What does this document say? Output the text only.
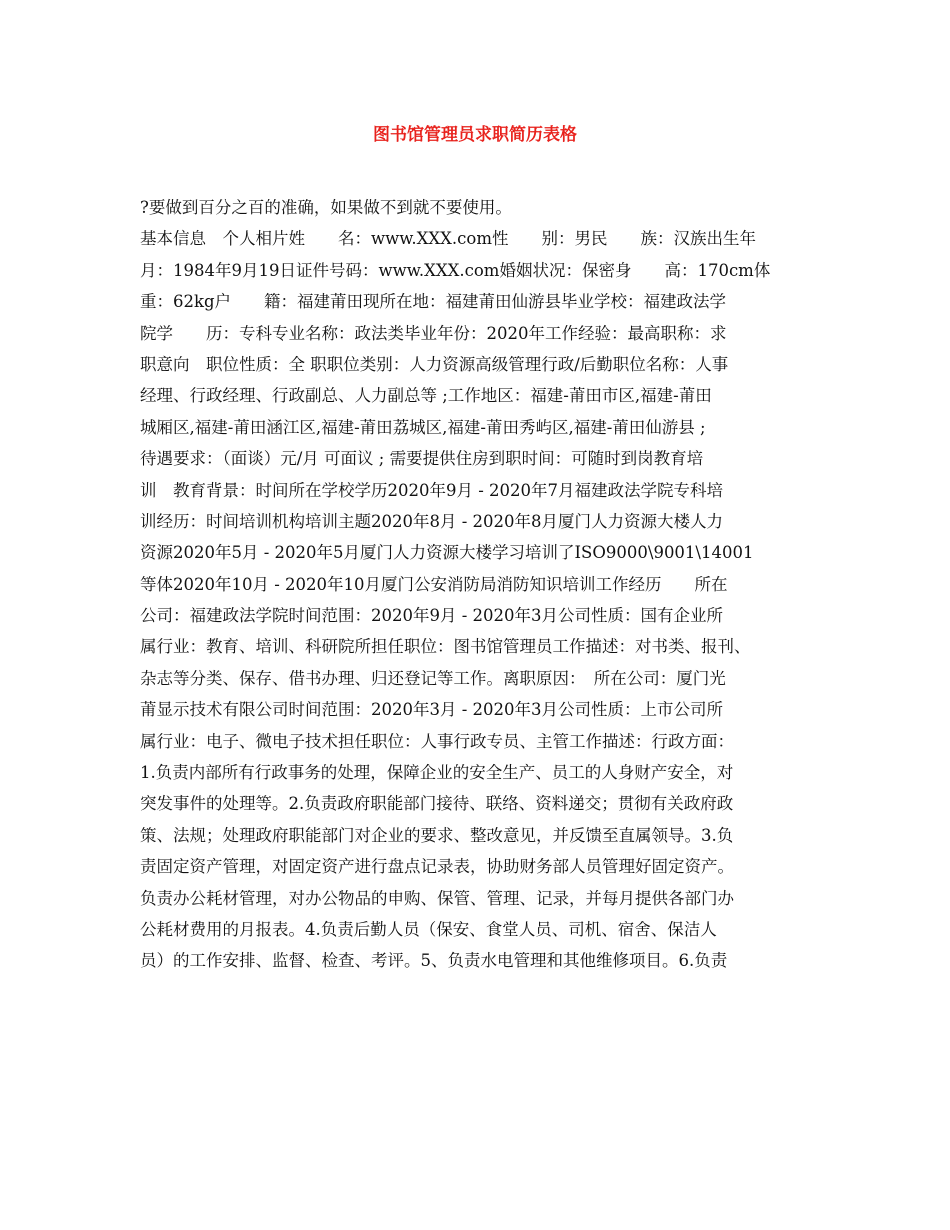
图书馆管理员求职简历表格
?要做到百分之百的准确，如果做不到就不要使用。
基本信息　个人相片姓　　名：www.XXX.com性　　别：男民　　族：汉族出生年
月：1984年9月19日证件号码：www.XXX.com婚姻状况：保密身　　高：170cm体
重：62kg户　　籍：福建莆田现所在地：福建莆田仙游县毕业学校：福建政法学
院学　　历：专科专业名称：政法类毕业年份：2020年工作经验：最高职称：求
职意向　职位性质：全 职职位类别：人力资源高级管理行政/后勤职位名称：人事
经理、行政经理、行政副总、人力副总等 ;工作地区：福建-莆田市区,福建-莆田
城厢区,福建-莆田涵江区,福建-莆田荔城区,福建-莆田秀屿区,福建-莆田仙游县 ;
待遇要求：（面谈）元/月 可面议 ; 需要提供住房到职时间：可随时到岗教育培
训　教育背景：时间所在学校学历2020年9月 - 2020年7月福建政法学院专科培
训经历：时间培训机构培训主题2020年8月 - 2020年8月厦门人力资源大楼人力
资源2020年5月 - 2020年5月厦门人力资源大楼学习培训了ISO9000\9001\14001
等体2020年10月 - 2020年10月厦门公安消防局消防知识培训工作经历　　所在
公司：福建政法学院时间范围：2020年9月 - 2020年3月公司性质：国有企业所
属行业：教育、培训、科研院所担任职位：图书馆管理员工作描述：对书类、报刊、
杂志等分类、保存、借书办理、归还登记等工作。离职原因：　所在公司：厦门光
莆显示技术有限公司时间范围：2020年3月 - 2020年3月公司性质：上市公司所
属行业：电子、微电子技术担任职位：人事行政专员、主管工作描述：行政方面：
1.负责内部所有行政事务的处理，保障企业的安全生产、员工的人身财产安全，对
突发事件的处理等。2.负责政府职能部门接待、联络、资料递交；贯彻有关政府政
策、法规；处理政府职能部门对企业的要求、整改意见，并反馈至直属领导。3.负
责固定资产管理，对固定资产进行盘点记录表，协助财务部人员管理好固定资产。
负责办公耗材管理，对办公物品的申购、保管、管理、记录，并每月提供各部门办
公耗材费用的月报表。4.负责后勤人员（保安、食堂人员、司机、宿舍、保洁人
员）的工作安排、监督、检查、考评。5、负责水电管理和其他维修项目。6.负责
